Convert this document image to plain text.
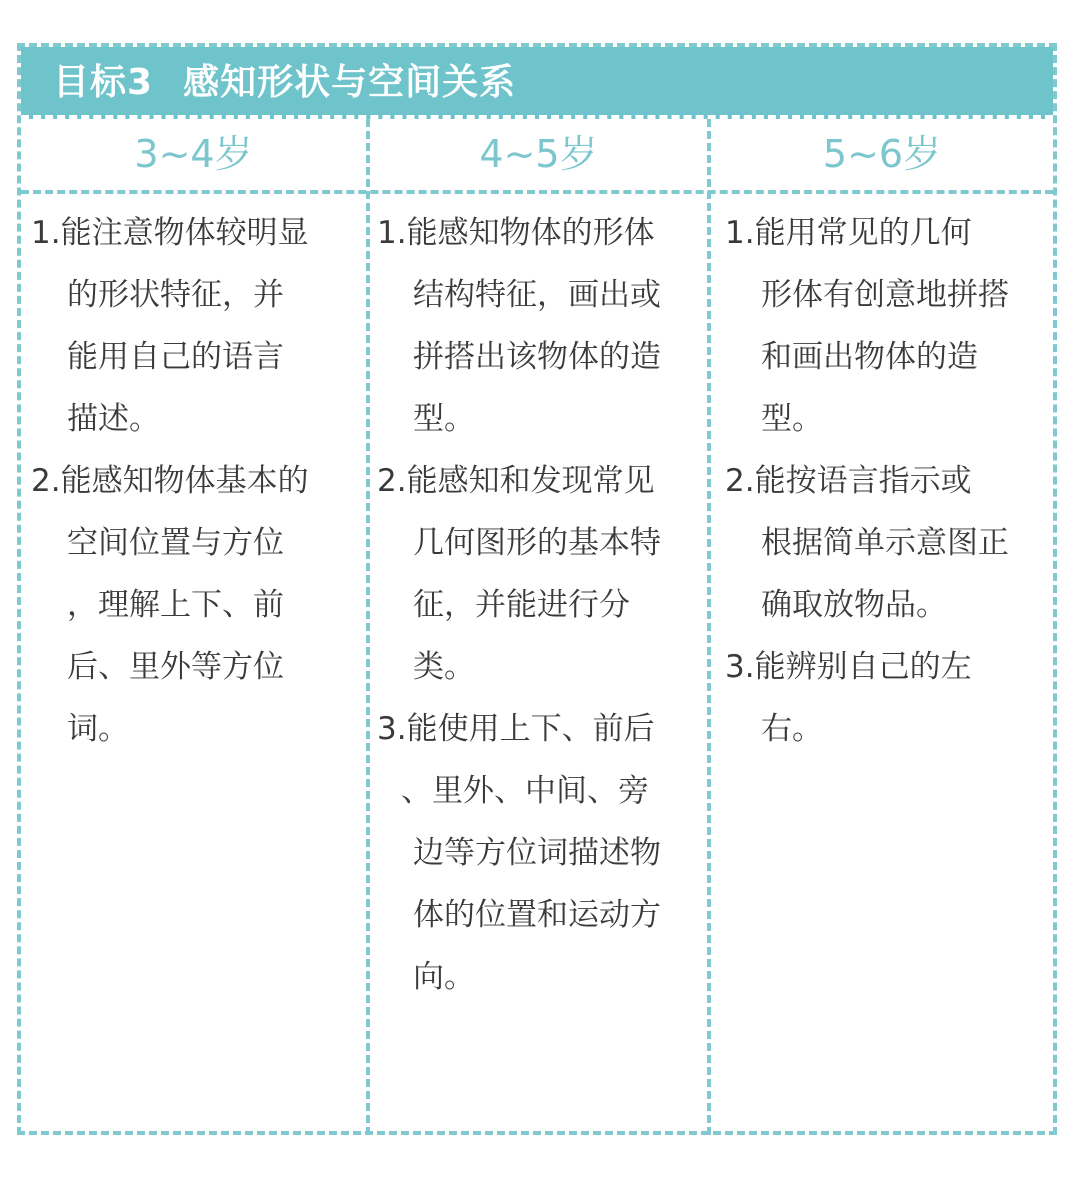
目标3 感知形状与空间关系
3~4岁	4~5岁	5~6岁
1.能注意物体较明显
的形状特征，并
能用自己的语言
描述。
2.能感知物体基本的
空间位置与方位
，理解上下、前
后、里外等方位
词。
1.能感知物体的形体
结构特征，画出或
拼搭出该物体的造
型。
2.能感知和发现常见
几何图形的基本特
征，并能进行分
类。
3.能使用上下、前后
、里外、中间、旁
边等方位词描述物
体的位置和运动方
向。
1.能用常见的几何
形体有创意地拼搭
和画出物体的造
型。
2.能按语言指示或
根据简单示意图正
确取放物品。
3.能辨别自己的左
右。
